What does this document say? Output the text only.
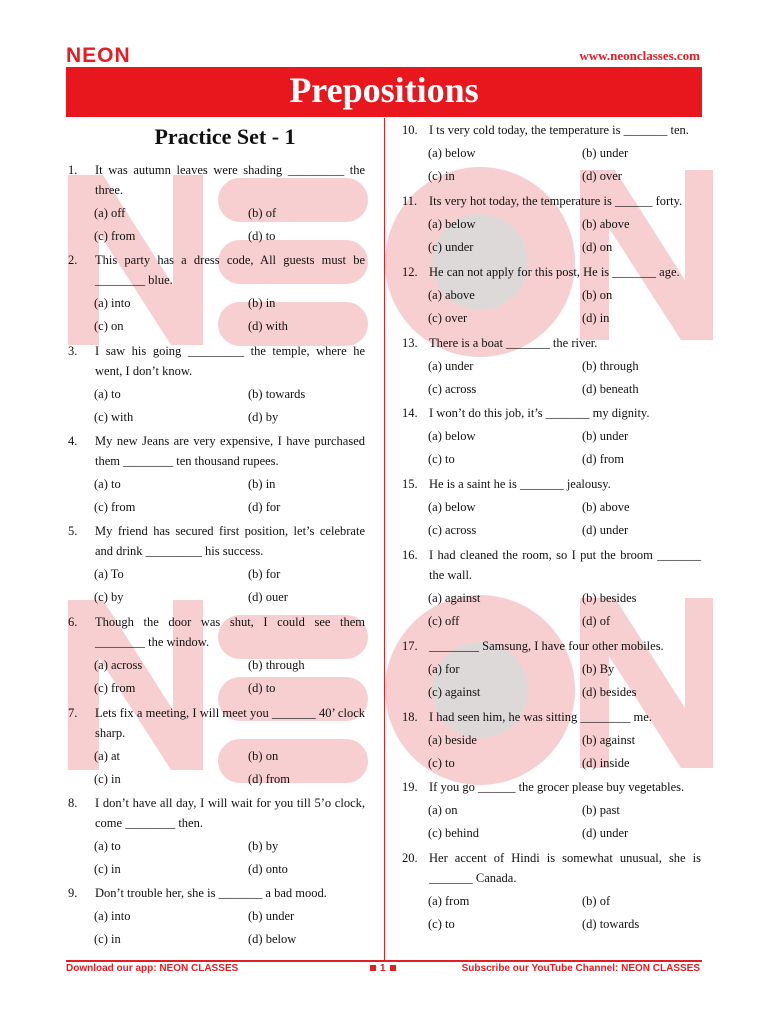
NEON	www.neonclasses.com
Prepositions
Practice Set - 1
1. It was autumn leaves were shading _________ the three.
(a) off	(b) of
(c) from	(d) to
2. This party has a dress code, All guests must be ________ blue.
(a) into	(b) in
(c) on	(d) with
3. I saw his going _________ the temple, where he went, I don’t know.
(a) to	(b) towards
(c) with	(d) by
4. My new Jeans are very expensive, I have purchased them ________ ten thousand rupees.
(a) to	(b) in
(c) from	(d) for
5. My friend has secured first position, let’s celebrate and drink _________ his success.
(a) To	(b) for
(c) by	(d) ouer
6. Though the door was shut, I could see them ________ the window.
(a) across	(b) through
(c) from	(d) to
7. Lets fix a meeting, I will meet you _______ 40’ clock sharp.
(a) at	(b) on
(c) in	(d) from
8. I don’t have all day, I will wait for you till 5’o clock, come ________ then.
(a) to	(b) by
(c) in	(d) onto
9. Don’t trouble her, she is _______ a bad mood.
(a) into	(b) under
(c) in	(d) below
10. I ts very cold today, the temperature is _______ ten.
(a) below	(b) under
(c) in	(d) over
11. Its very hot today, the temperature is ______ forty.
(a) below	(b) above
(c) under	(d) on
12. He can not apply for this post, He is _______ age.
(a) above	(b) on
(c) over	(d) in
13. There is a boat _______ the river.
(a) under	(b) through
(c) across	(d) beneath
14. I won’t do this job, it’s _______ my dignity.
(a) below	(b) under
(c) to	(d) from
15. He is a saint he is _______ jealousy.
(a) below	(b) above
(c) across	(d) under
16. I had cleaned the room, so I put the broom _______ the wall.
(a) against	(b) besides
(c) off	(d) of
17. ________ Samsung, I have four other mobiles.
(a) for	(b) By
(c) against	(d) besides
18. I had seen him, he was sitting ________ me.
(a) beside	(b) against
(c) to	(d) inside
19. If you go ______ the grocer please buy vegetables.
(a) on	(b) past
(c) behind	(d) under
20. Her accent of Hindi is somewhat unusual, she is _______ Canada.
(a) from	(b) of
(c) to	(d) towards
Download our app: NEON CLASSES	1	Subscribe our YouTube Channel: NEON CLASSES
